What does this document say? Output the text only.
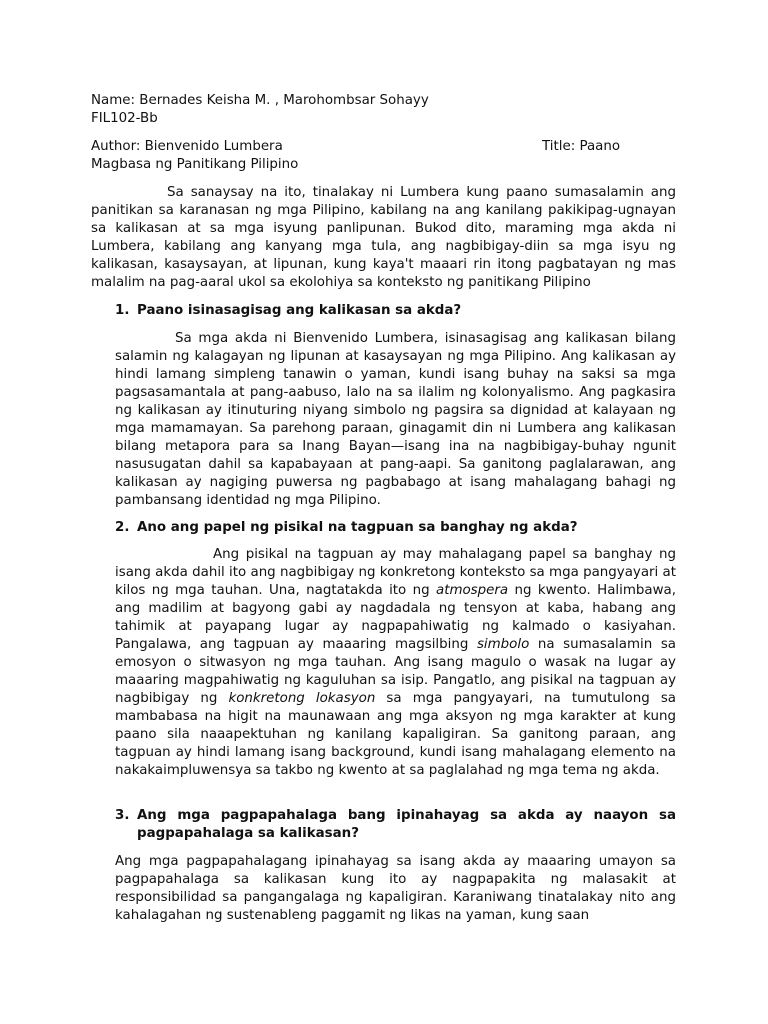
Name: Bernades Keisha M. , Marohombsar Sohayy
FIL102-Bb
Author: Bienvenido Lumbera	Title: Paano
Magbasa ng Panitikang Pilipino

Sa sanaysay na ito, tinalakay ni Lumbera kung paano sumasalamin ang panitikan sa karanasan ng mga Pilipino, kabilang na ang kanilang pakikipag-ugnayan sa kalikasan at sa mga isyung panlipunan. Bukod dito, maraming mga akda ni Lumbera, kabilang ang kanyang mga tula, ang nagbibigay-diin sa mga isyu ng kalikasan, kasaysayan, at lipunan, kung kaya't maaari rin itong pagbatayan ng mas malalim na pag-aaral ukol sa ekolohiya sa konteksto ng panitikang Pilipino

1. Paano isinasagisag ang kalikasan sa akda?

Sa mga akda ni Bienvenido Lumbera, isinasagisag ang kalikasan bilang salamin ng kalagayan ng lipunan at kasaysayan ng mga Pilipino. Ang kalikasan ay hindi lamang simpleng tanawin o yaman, kundi isang buhay na saksi sa mga pagsasamantala at pang-aabuso, lalo na sa ilalim ng kolonyalismo. Ang pagkasira ng kalikasan ay itinuturing niyang simbolo ng pagsira sa dignidad at kalayaan ng mga mamamayan. Sa parehong paraan, ginagamit din ni Lumbera ang kalikasan bilang metapora para sa Inang Bayan—isang ina na nagbibigay-buhay ngunit nasusugatan dahil sa kapabayaan at pang-aapi. Sa ganitong paglalarawan, ang kalikasan ay nagiging puwersa ng pagbabago at isang mahalagang bahagi ng pambansang identidad ng mga Pilipino.

2. Ano ang papel ng pisikal na tagpuan sa banghay ng akda?

Ang pisikal na tagpuan ay may mahalagang papel sa banghay ng isang akda dahil ito ang nagbibigay ng konkretong konteksto sa mga pangyayari at kilos ng mga tauhan. Una, nagtatakda ito ng atmospera ng kwento. Halimbawa, ang madilim at bagyong gabi ay nagdadala ng tensyon at kaba, habang ang tahimik at payapang lugar ay nagpapahiwatig ng kalmado o kasiyahan. Pangalawa, ang tagpuan ay maaaring magsilbing simbolo na sumasalamin sa emosyon o sitwasyon ng mga tauhan. Ang isang magulo o wasak na lugar ay maaaring magpahiwatig ng kaguluhan sa isip. Pangatlo, ang pisikal na tagpuan ay nagbibigay ng konkretong lokasyon sa mga pangyayari, na tumutulong sa mambabasa na higit na maunawaan ang mga aksyon ng mga karakter at kung paano sila naaapektuhan ng kanilang kapaligiran. Sa ganitong paraan, ang tagpuan ay hindi lamang isang background, kundi isang mahalagang elemento na nakakaimpluwensya sa takbo ng kwento at sa paglalahad ng mga tema ng akda.

3. Ang mga pagpapahalaga bang ipinahayag sa akda ay naayon sa pagpapahalaga sa kalikasan?

Ang mga pagpapahalagang ipinahayag sa isang akda ay maaaring umayon sa pagpapahalaga sa kalikasan kung ito ay nagpapakita ng malasakit at responsibilidad sa pangangalaga ng kapaligiran. Karaniwang tinatalakay nito ang kahalagahan ng sustenableng paggamit ng likas na yaman, kung saan
